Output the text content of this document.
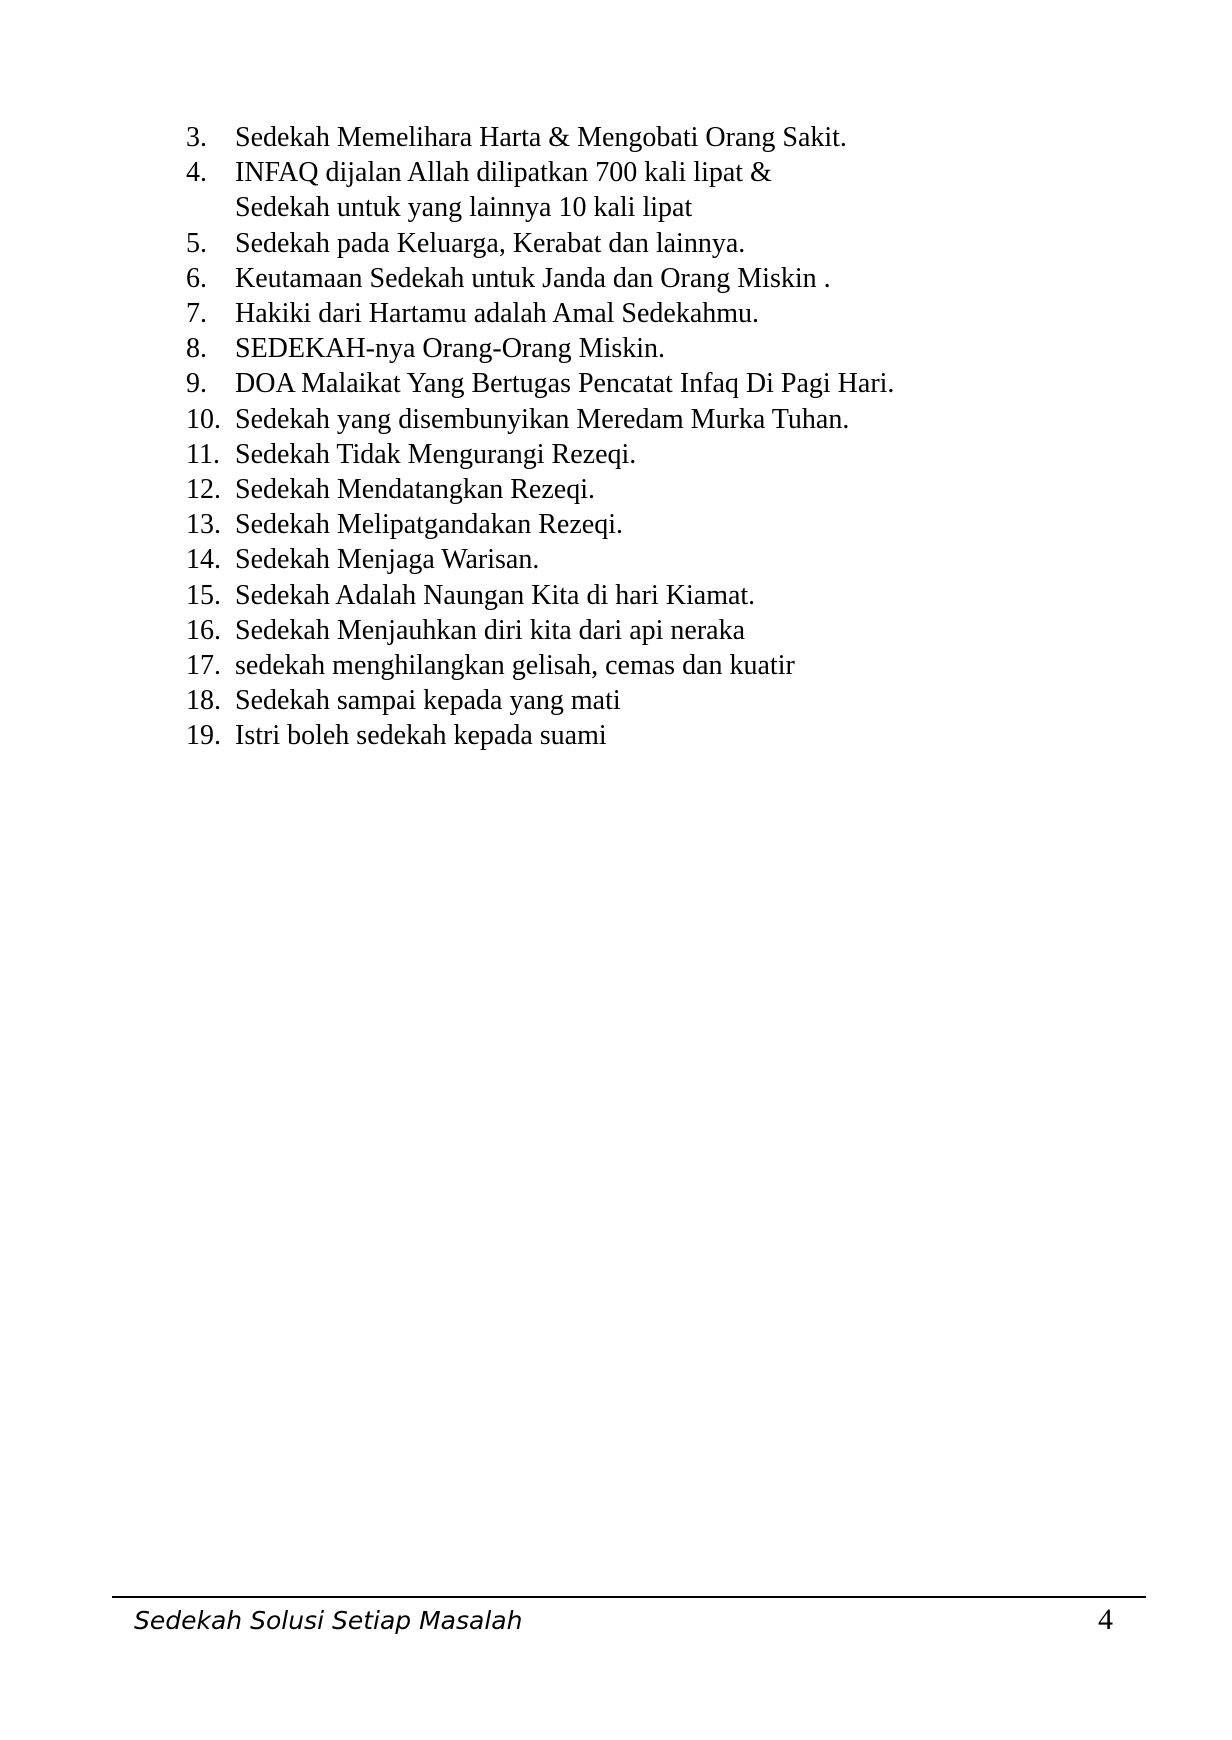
3.	Sedekah Memelihara Harta & Mengobati Orang Sakit.
4.	INFAQ dijalan Allah dilipatkan 700 kali lipat &
Sedekah untuk yang lainnya 10 kali lipat
5.	Sedekah pada Keluarga, Kerabat dan lainnya.
6.	Keutamaan Sedekah untuk Janda dan Orang Miskin .
7.	Hakiki dari Hartamu adalah Amal Sedekahmu.
8.	SEDEKAH-nya Orang-Orang Miskin.
9.	DOA Malaikat Yang Bertugas Pencatat Infaq Di Pagi Hari.
10. Sedekah yang disembunyikan Meredam Murka Tuhan.
11. Sedekah Tidak Mengurangi Rezeqi.
12. Sedekah Mendatangkan Rezeqi.
13. Sedekah Melipatgandakan Rezeqi.
14. Sedekah Menjaga Warisan.
15. Sedekah Adalah Naungan Kita di hari Kiamat.
16. Sedekah Menjauhkan diri kita dari api neraka
17. sedekah menghilangkan gelisah, cemas dan kuatir
18. Sedekah sampai kepada yang mati
19. Istri boleh sedekah kepada suami
Sedekah Solusi Setiap Masalah	4
